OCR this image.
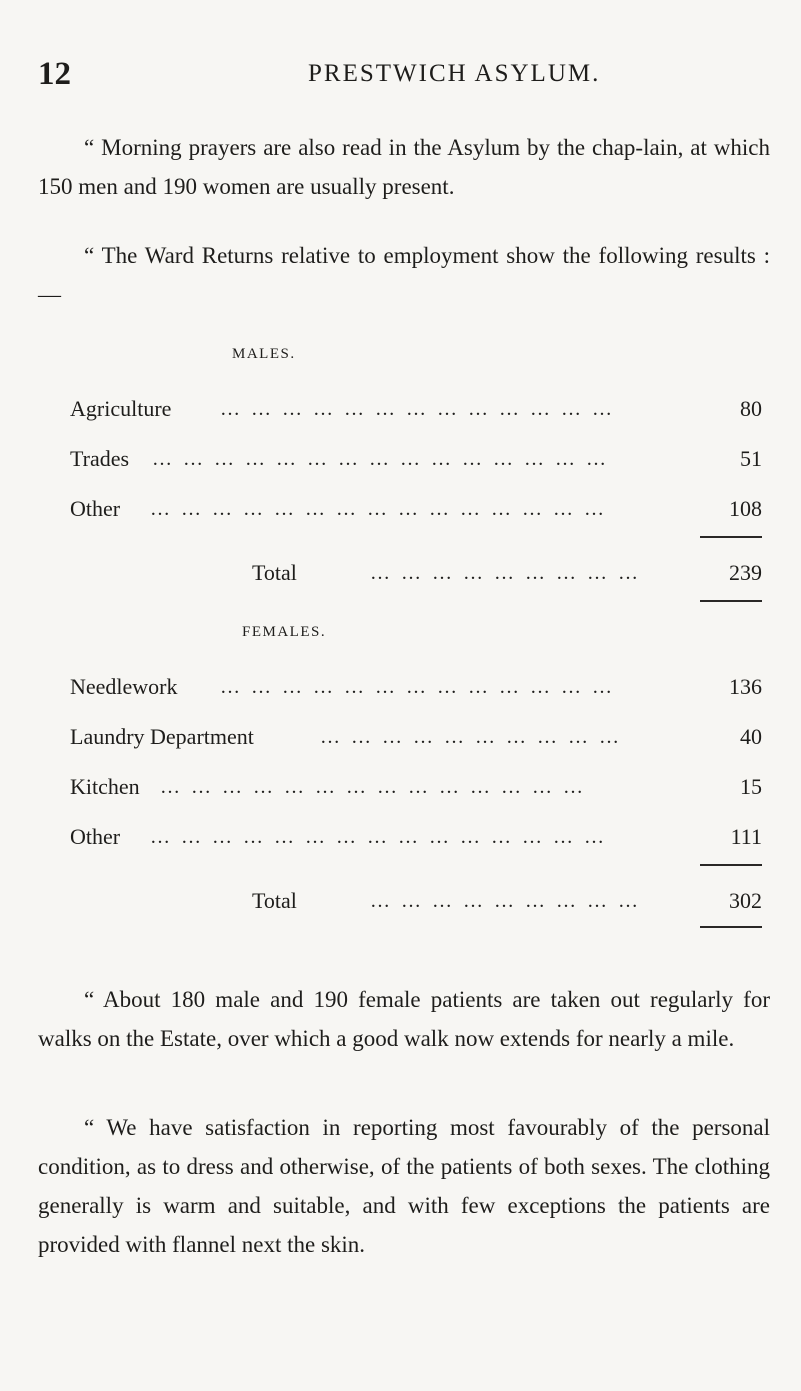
12	PRESTWICH ASYLUM.

“ Morning prayers are also read in the Asylum by the chap-lain, at which 150 men and 190 women are usually present.

“ The Ward Returns relative to employment show the following results :—

MALES.
Agriculture … … … … … … … … … … … … …	80
Trades … … … … … … … … … … … … … … …	51
Other … … … … … … … … … … … … … … …	108
Total	… … … … … … … … …	239
FEMALES.
Needlework … … … … … … … … … … … … …	136
Laundry Department	… … … … … … … … … …	40
Kitchen … … … … … … … … … … … … … …	15
Other … … … … … … … … … … … … … … …	111
Total	… … … … … … … … …	302

“ About 180 male and 190 female patients are taken out regularly for walks on the Estate, over which a good walk now extends for nearly a mile.

“ We have satisfaction in reporting most favourably of the personal condition, as to dress and otherwise, of the patients of both sexes. The clothing generally is warm and suitable, and with few exceptions the patients are provided with flannel next the skin.
